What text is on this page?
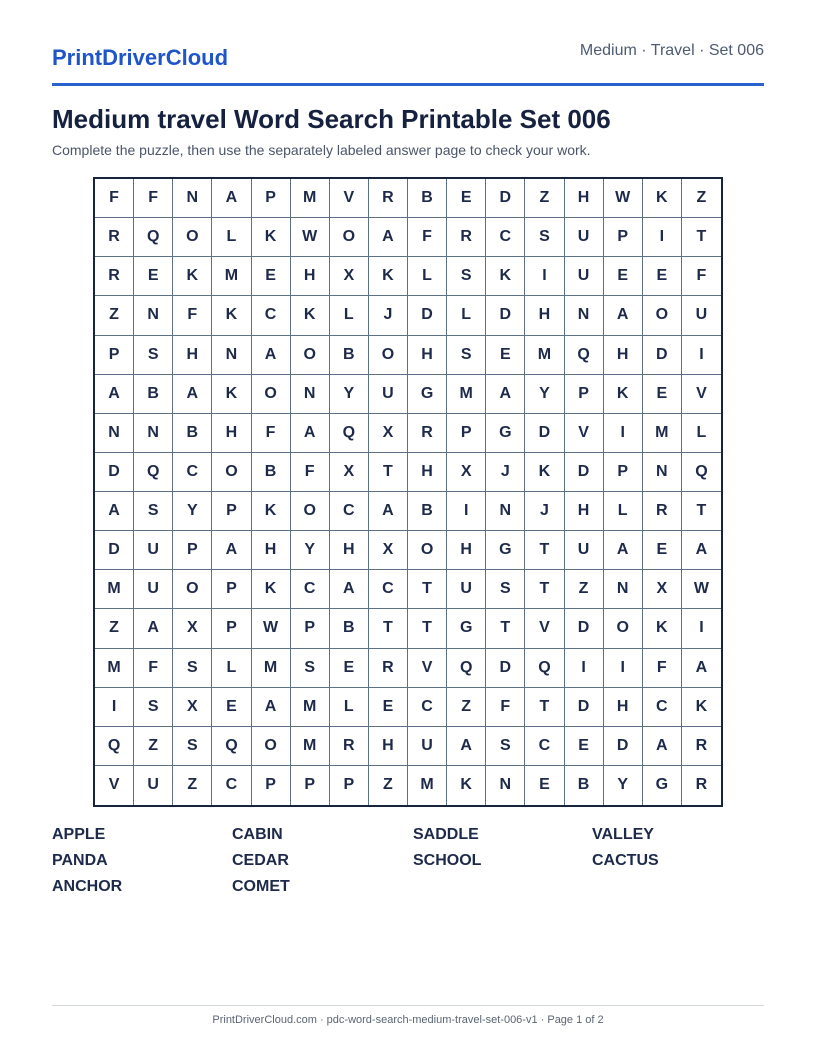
PrintDriverCloud	Medium · Travel · Set 006
Medium travel Word Search Printable Set 006
Complete the puzzle, then use the separately labeled answer page to check your work.
F	F	N	A	P	M	V	R	B	E	D	Z	H	W	K	Z
R	Q	O	L	K	W	O	A	F	R	C	S	U	P	I	T
R	E	K	M	E	H	X	K	L	S	K	I	U	E	E	F
Z	N	F	K	C	K	L	J	D	L	D	H	N	A	O	U
P	S	H	N	A	O	B	O	H	S	E	M	Q	H	D	I
A	B	A	K	O	N	Y	U	G	M	A	Y	P	K	E	V
N	N	B	H	F	A	Q	X	R	P	G	D	V	I	M	L
D	Q	C	O	B	F	X	T	H	X	J	K	D	P	N	Q
A	S	Y	P	K	O	C	A	B	I	N	J	H	L	R	T
D	U	P	A	H	Y	H	X	O	H	G	T	U	A	E	A
M	U	O	P	K	C	A	C	T	U	S	T	Z	N	X	W
Z	A	X	P	W	P	B	T	T	G	T	V	D	O	K	I
M	F	S	L	M	S	E	R	V	Q	D	Q	I	I	F	A
I	S	X	E	A	M	L	E	C	Z	F	T	D	H	C	K
Q	Z	S	Q	O	M	R	H	U	A	S	C	E	D	A	R
V	U	Z	C	P	P	P	Z	M	K	N	E	B	Y	G	R
APPLE	CABIN	SADDLE	VALLEY
PANDA	CEDAR	SCHOOL	CACTUS
ANCHOR	COMET
PrintDriverCloud.com · pdc-word-search-medium-travel-set-006-v1 · Page 1 of 2
